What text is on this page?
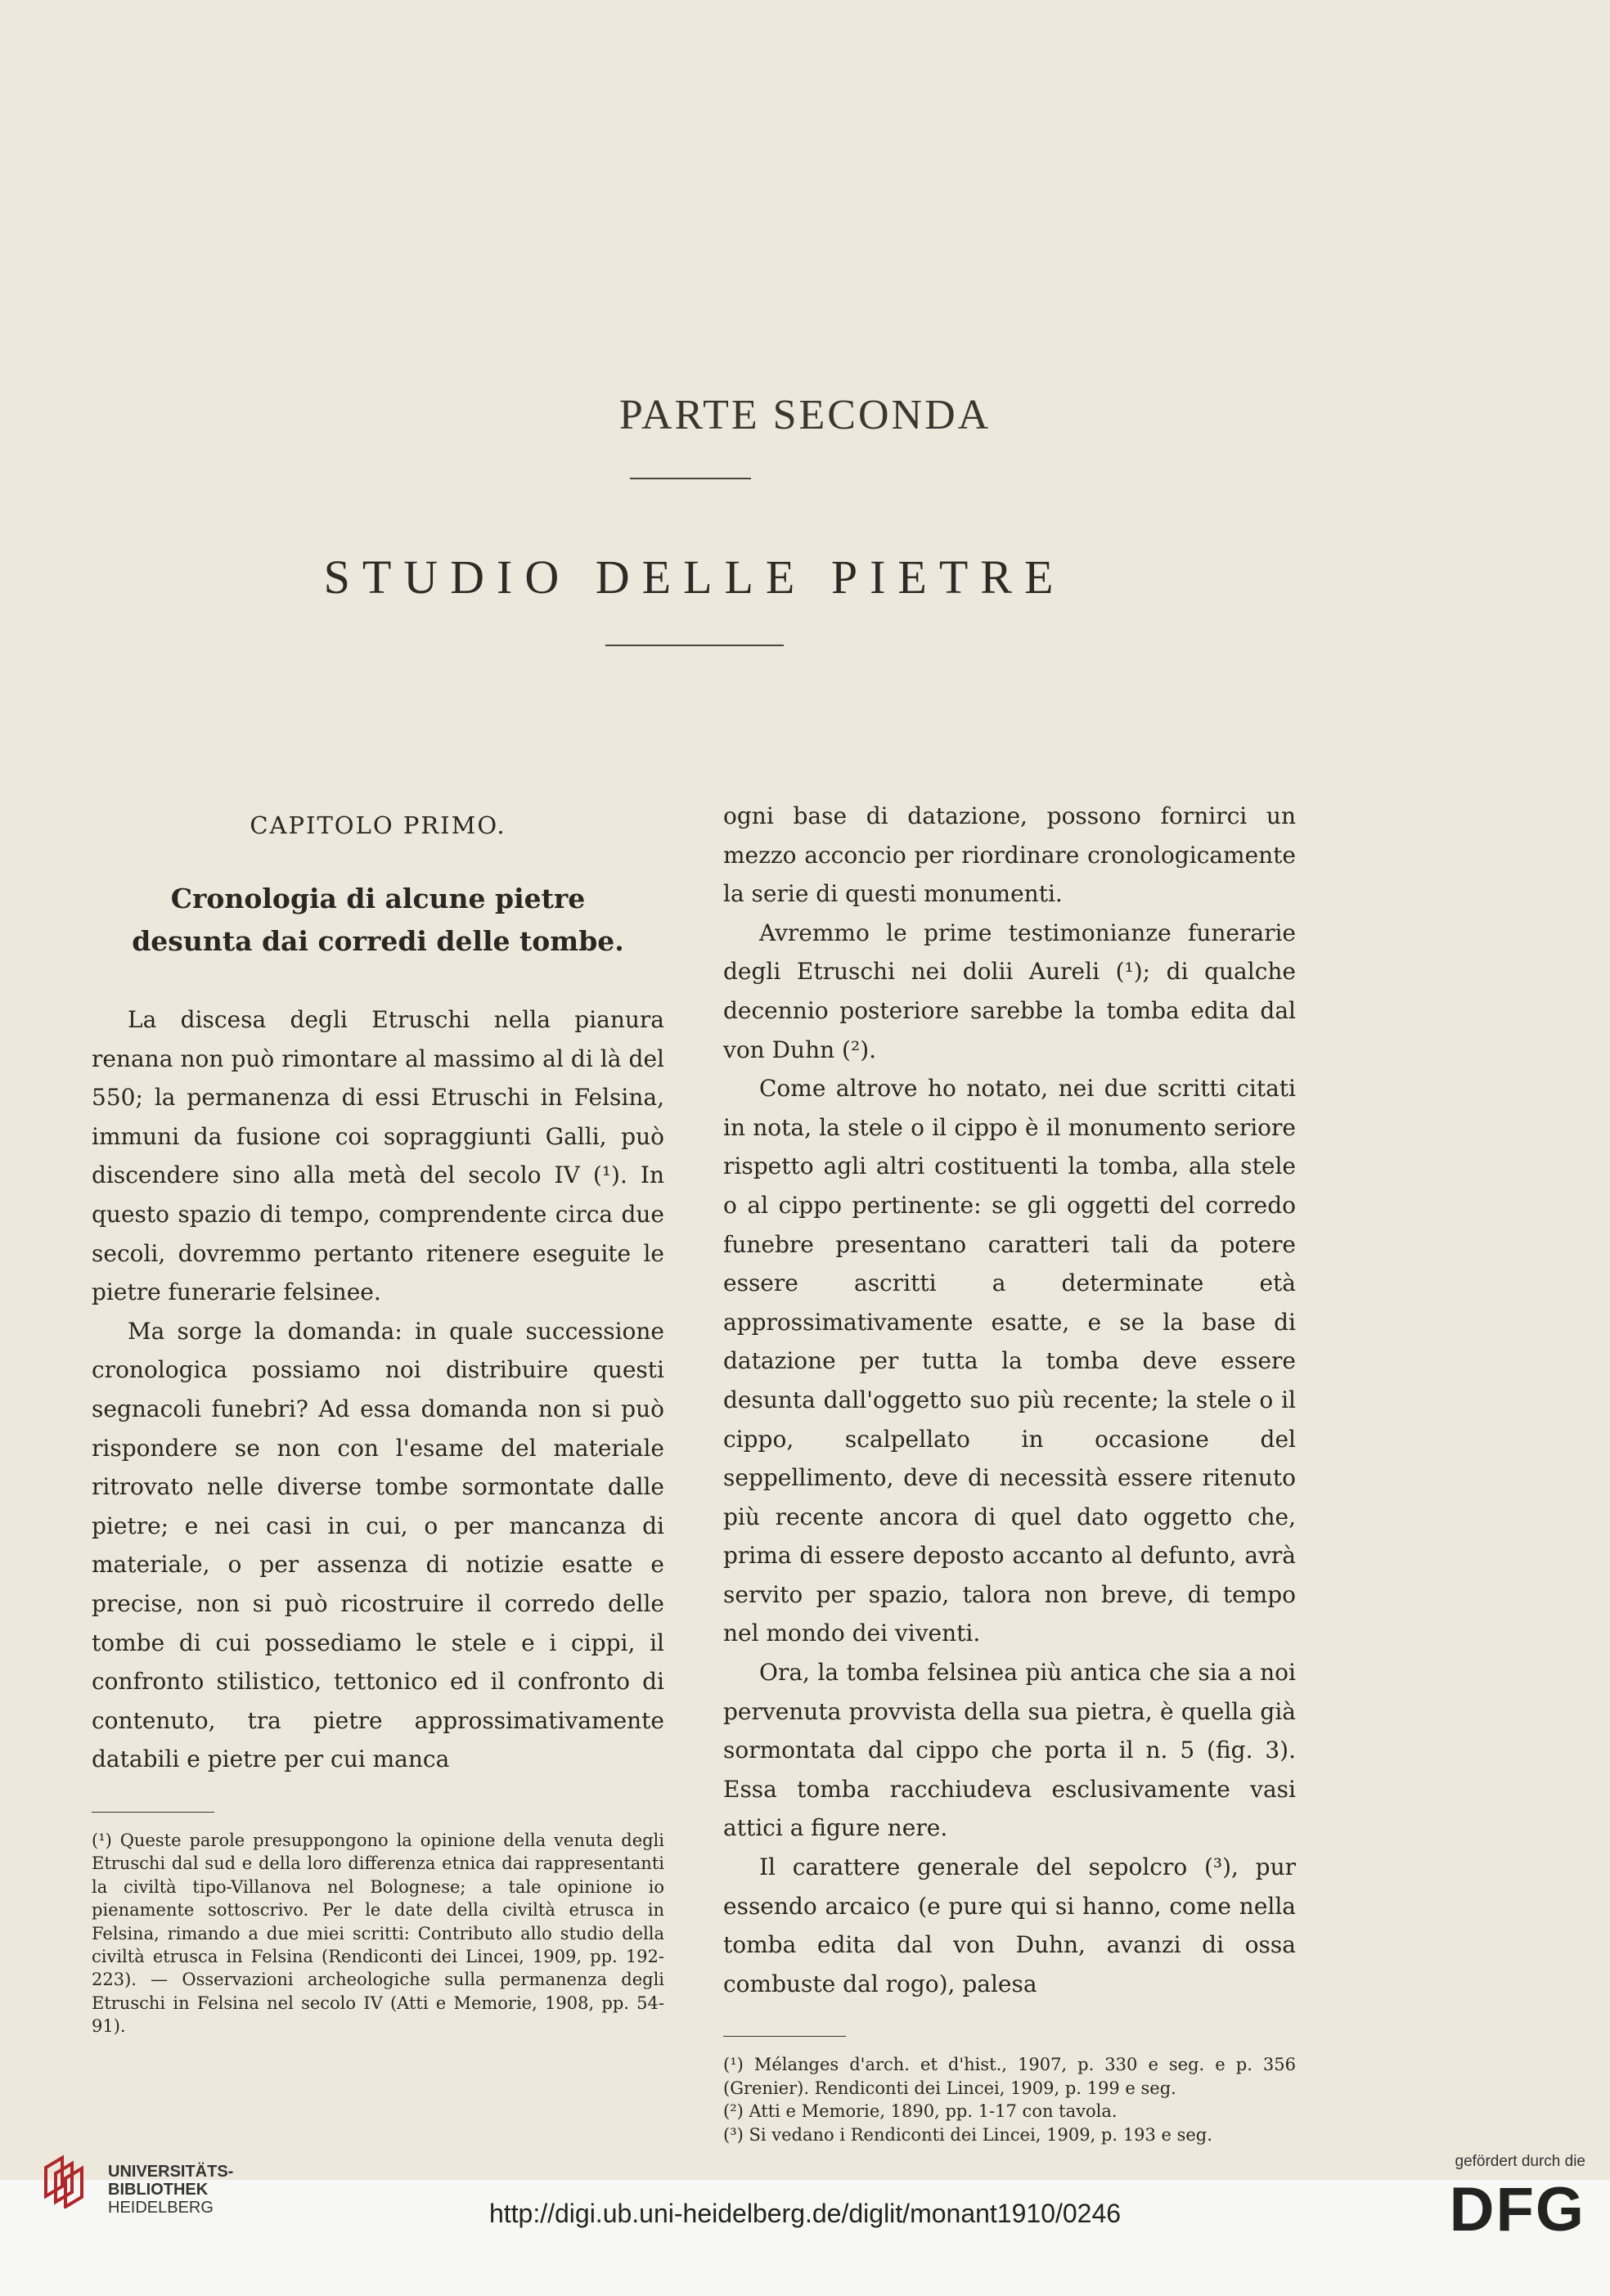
PARTE SECONDA
STUDIO DELLE PIETRE
CAPITOLO PRIMO.
Cronologia di alcune pietre
desunta dai corredi delle tombe.

La discesa degli Etruschi nella pianura renana non può rimontare al massimo al di là del 550; la permanenza di essi Etruschi in Felsina, immuni da fusione coi sopraggiunti Galli, può discendere sino alla metà del secolo IV (¹). In questo spazio di tempo, comprendente circa due secoli, dovremmo pertanto ritenere eseguite le pietre funerarie felsinee.

Ma sorge la domanda: in quale successione cronologica possiamo noi distribuire questi segnacoli funebri? Ad essa domanda non si può rispondere se non con l'esame del materiale ritrovato nelle diverse tombe sormontate dalle pietre; e nei casi in cui, o per mancanza di materiale, o per assenza di notizie esatte e precise, non si può ricostruire il corredo delle tombe di cui possediamo le stele e i cippi, il confronto stilistico, tettonico ed il confronto di contenuto, tra pietre approssimativamente databili e pietre per cui manca

(¹) Queste parole presuppongono la opinione della venuta degli Etruschi dal sud e della loro differenza etnica dai rappresentanti la civiltà tipo-Villanova nel Bolognese; a tale opinione io pienamente sottoscrivo. Per le date della civiltà etrusca in Felsina, rimando a due miei scritti: Contributo allo studio della civiltà etrusca in Felsina (Rendiconti dei Lincei, 1909, pp. 192-223). — Osservazioni archeologiche sulla permanenza degli Etruschi in Felsina nel secolo IV (Atti e Memorie, 1908, pp. 54-91).

ogni base di datazione, possono fornirci un mezzo acconcio per riordinare cronologicamente la serie di questi monumenti.

Avremmo le prime testimonianze funerarie degli Etruschi nei dolii Aureli (¹); di qualche decennio posteriore sarebbe la tomba edita dal von Duhn (²).

Come altrove ho notato, nei due scritti citati in nota, la stele o il cippo è il monumento seriore rispetto agli altri costituenti la tomba, alla stele o al cippo pertinente: se gli oggetti del corredo funebre presentano caratteri tali da potere essere ascritti a determinate età approssimativamente esatte, e se la base di datazione per tutta la tomba deve essere desunta dall'oggetto suo più recente; la stele o il cippo, scalpellato in occasione del seppellimento, deve di necessità essere ritenuto più recente ancora di quel dato oggetto che, prima di essere deposto accanto al defunto, avrà servito per spazio, talora non breve, di tempo nel mondo dei viventi.

Ora, la tomba felsinea più antica che sia a noi pervenuta provvista della sua pietra, è quella già sormontata dal cippo che porta il n. 5 (fig. 3). Essa tomba racchiudeva esclusivamente vasi attici a figure nere.

Il carattere generale del sepolcro (³), pur essendo arcaico (e pure qui si hanno, come nella tomba edita dal von Duhn, avanzi di ossa combuste dal rogo), palesa

(¹) Mélanges d'arch. et d'hist., 1907, p. 330 e seg. e p. 356 (Grenier). Rendiconti dei Lincei, 1909, p. 199 e seg.

(²) Atti e Memorie, 1890, pp. 1-17 con tavola.

(³) Si vedano i Rendiconti dei Lincei, 1909, p. 193 e seg.

UNIVERSITÄTS-
BIBLIOTHEK
HEIDELBERG	http://digi.ub.uni-heidelberg.de/diglit/monant1910/0246
gefördert durch die
DFG
